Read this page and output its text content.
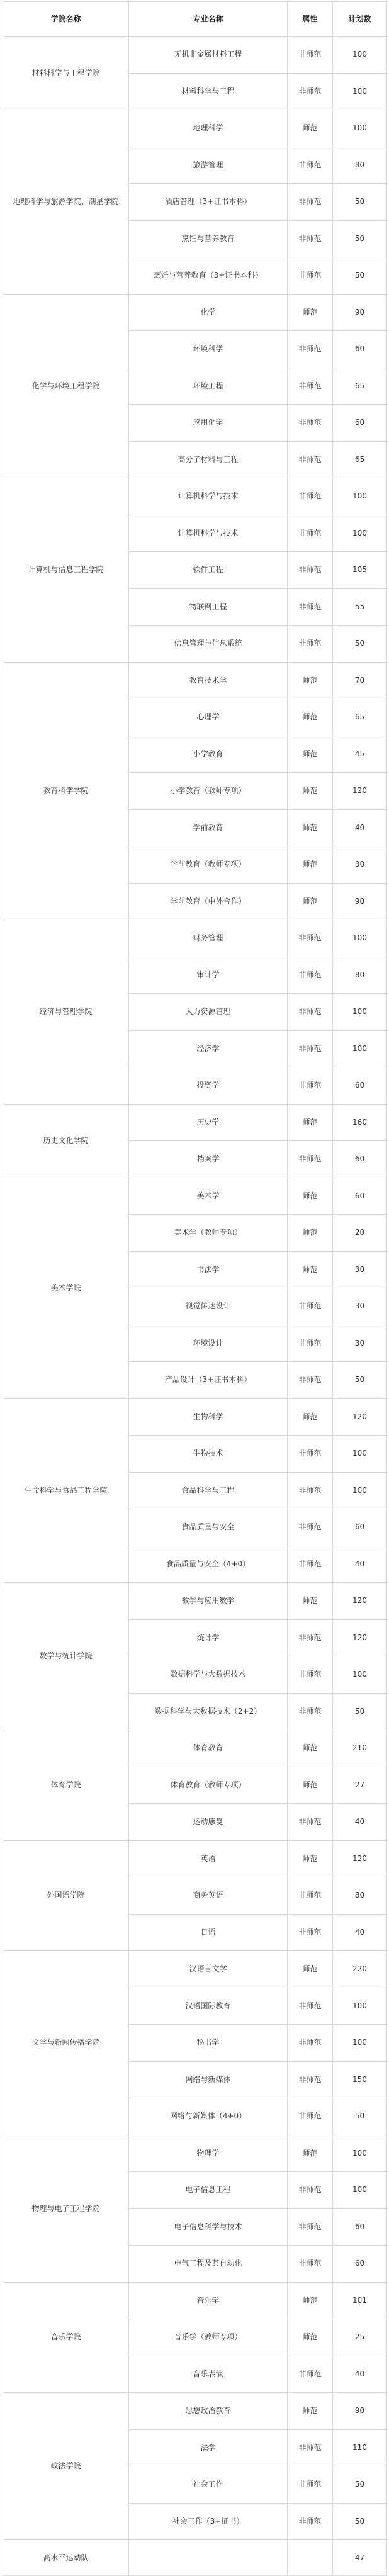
学院名称	专业名称	属性	计划数
材料科学与工程学院	无机非金属材料工程	非师范	100
	材料科学与工程	非师范	100
地理科学与旅游学院、潮星学院	地理科学	师范	100
	旅游管理	非师范	80
	酒店管理（3+证书本科）	非师范	50
	烹饪与营养教育	非师范	50
	烹饪与营养教育（3+证书本科）	非师范	50
化学与环境工程学院	化学	师范	90
	环境科学	非师范	60
	环境工程	非师范	65
	应用化学	非师范	60
	高分子材料与工程	非师范	65
计算机与信息工程学院	计算机科学与技术	非师范	100
	计算机科学与技术	非师范	100
	软件工程	非师范	105
	物联网工程	非师范	55
	信息管理与信息系统	非师范	50
教育科学学院	教育技术学	师范	70
	心理学	师范	65
	小学教育	师范	45
	小学教育（教师专项）	师范	120
	学前教育	师范	40
	学前教育（教师专项）	师范	30
	学前教育（中外合作）	师范	90
经济与管理学院	财务管理	非师范	100
	审计学	非师范	80
	人力资源管理	非师范	100
	经济学	非师范	100
	投资学	非师范	60
历史文化学院	历史学	师范	160
	档案学	非师范	60
美术学院	美术学	师范	60
	美术学（教师专项）	师范	20
	书法学	师范	30
	视觉传达设计	非师范	30
	环境设计	非师范	30
	产品设计（3+证书本科）	非师范	50
生命科学与食品工程学院	生物科学	师范	120
	生物技术	非师范	100
	食品科学与工程	非师范	100
	食品质量与安全	非师范	60
	食品质量与安全（4+0）	非师范	40
数学与统计学院	数学与应用数学	师范	120
	统计学	非师范	120
	数据科学与大数据技术	非师范	100
	数据科学与大数据技术（2+2）	非师范	50
体育学院	体育教育	师范	210
	体育教育（教师专项）	师范	27
	运动康复	非师范	40
外国语学院	英语	师范	120
	商务英语	非师范	80
	日语	非师范	40
文学与新闻传播学院	汉语言文学	师范	220
	汉语国际教育	非师范	100
	秘书学	非师范	100
	网络与新媒体	非师范	150
	网络与新媒体（4+0）	非师范	50
物理与电子工程学院	物理学	师范	100
	电子信息工程	非师范	100
	电子信息科学与技术	非师范	60
	电气工程及其自动化	非师范	60
音乐学院	音乐学	师范	101
	音乐学（教师专项）	师范	25
	音乐表演	非师范	40
政法学院	思想政治教育	师范	90
	法学	非师范	110
	社会工作	非师范	50
	社会工作（3+证书）	非师范	50
高水平运动队			47
